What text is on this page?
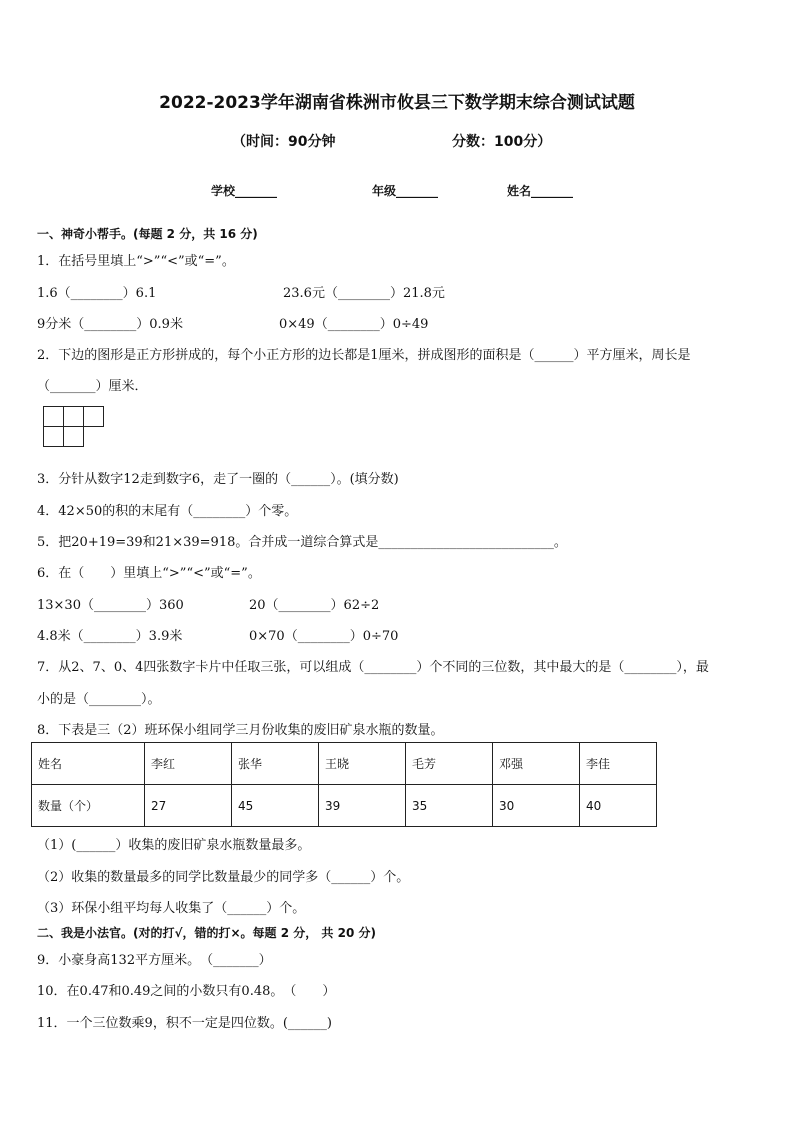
2022-2023学年湖南省株洲市攸县三下数学期末综合测试试题
（时间：90分钟	分数：100分）
学校_______	年级_______	姓名_______
一、神奇小帮手。(每题 2 分，共 16 分)
1．在括号里填上“>”“<”或“=”。
1.6（________）6.1	23.6元（________）21.8元
9分米（________）0.9米	0×49（________）0÷49
2．下边的图形是正方形拼成的，每个小正方形的边长都是1厘米，拼成图形的面积是（______）平方厘米，周长是
（_______）厘米．
3．分针从数字12走到数字6，走了一圈的（______）。(填分数)
4．42×50的积的末尾有（________）个零。
5．把20+19=39和21×39=918。合并成一道综合算式是___________________________。
6．在（　　）里填上“>”“<”或“=”。
13×30（________）360	20（________）62÷2
4.8米（________）3.9米	0×70（________）0÷70
7．从2、7、0、4四张数字卡片中任取三张，可以组成（________）个不同的三位数，其中最大的是（________），最
小的是（________）。
8．下表是三（2）班环保小组同学三月份收集的废旧矿泉水瓶的数量。
姓名	李红	张华	王晓	毛芳	邓强	李佳
数量（个）	27	45	39	35	30	40
（1）(______）收集的废旧矿泉水瓶数量最多。
（2）收集的数量最多的同学比数量最少的同学多（______）个。
（3）环保小组平均每人收集了（______）个。
二、我是小法官。(对的打√，错的打×。每题 2 分， 共 20 分)
9．小豪身高132平方厘米。　（_______）
10．在0.47和0.49之间的小数只有0.48。　（　　）
11．一个三位数乘9，积不一定是四位数。(______)
